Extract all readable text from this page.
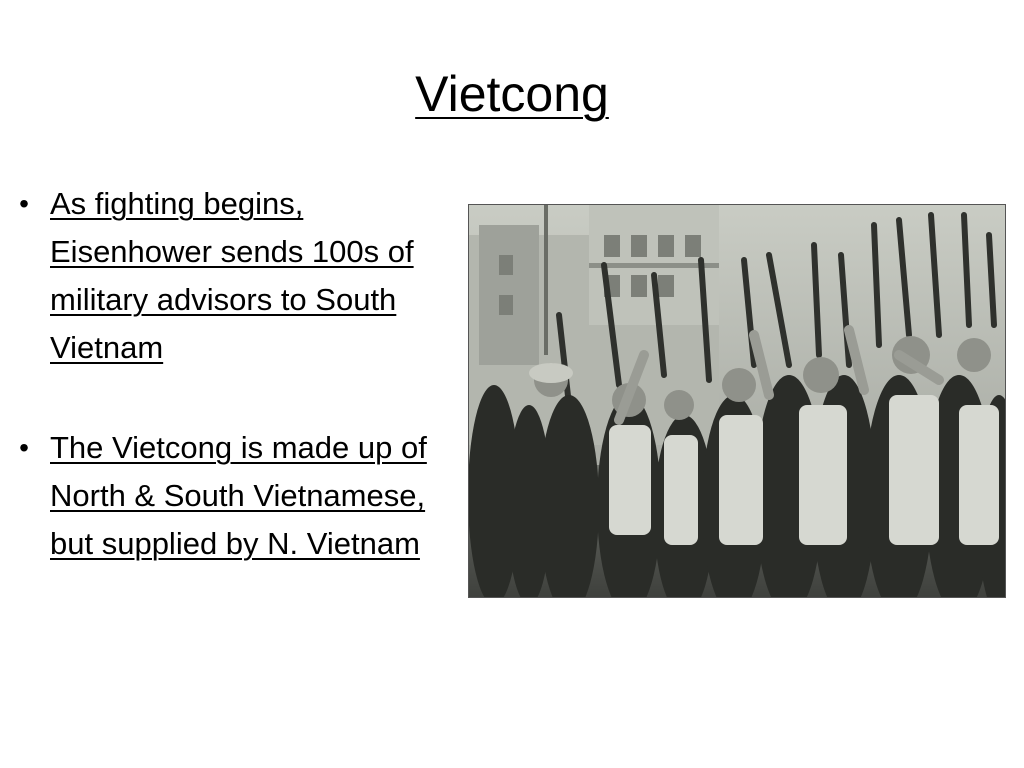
Vietcong
• As fighting begins, Eisenhower sends 100s of military advisors to South Vietnam
• The Vietcong is made up of North & South Vietnamese, but supplied by N. Vietnam
